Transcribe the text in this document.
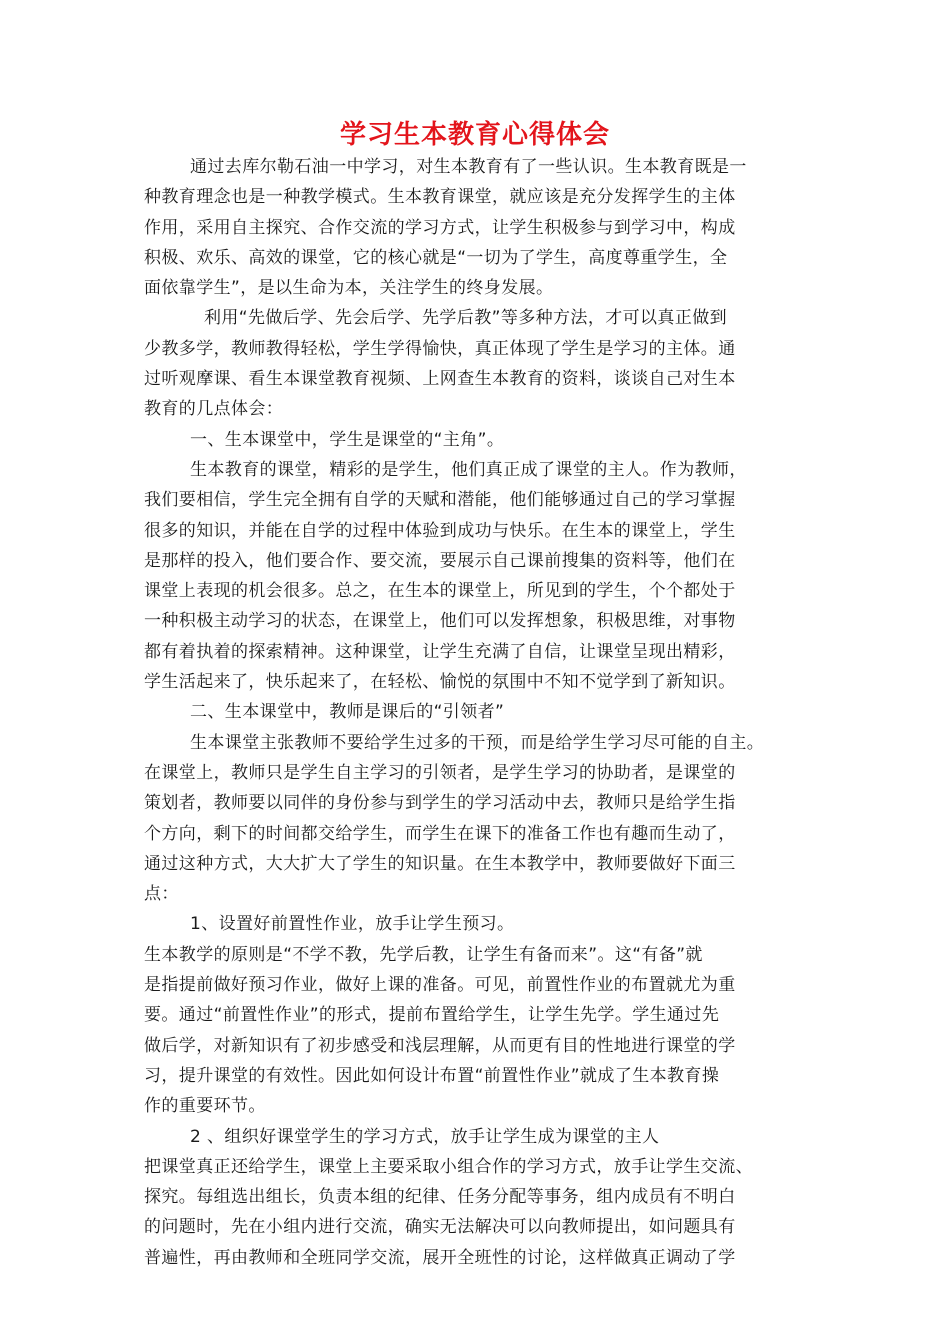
学习生本教育心得体会
通过去库尔勒石油一中学习，对生本教育有了一些认识。生本教育既是一
种教育理念也是一种教学模式。生本教育课堂，就应该是充分发挥学生的主体
作用，采用自主探究、合作交流的学习方式，让学生积极参与到学习中，构成
积极、欢乐、高效的课堂，它的核心就是“一切为了学生，高度尊重学生，全
面依靠学生”，是以生命为本，关注学生的终身发展。
利用“先做后学、先会后学、先学后教”等多种方法，才可以真正做到
少教多学，教师教得轻松，学生学得愉快，真正体现了学生是学习的主体。通
过听观摩课、看生本课堂教育视频、上网查生本教育的资料，谈谈自己对生本
教育的几点体会：
一、生本课堂中，学生是课堂的“主角”。
生本教育的课堂，精彩的是学生，他们真正成了课堂的主人。作为教师，
我们要相信，学生完全拥有自学的天赋和潜能，他们能够通过自己的学习掌握
很多的知识，并能在自学的过程中体验到成功与快乐。在生本的课堂上，学生
是那样的投入，他们要合作、要交流，要展示自己课前搜集的资料等，他们在
课堂上表现的机会很多。总之，在生本的课堂上，所见到的学生，个个都处于
一种积极主动学习的状态，在课堂上，他们可以发挥想象，积极思维，对事物
都有着执着的探索精神。这种课堂，让学生充满了自信，让课堂呈现出精彩，
学生活起来了，快乐起来了，在轻松、愉悦的氛围中不知不觉学到了新知识。
二、生本课堂中，教师是课后的“引领者”
生本课堂主张教师不要给学生过多的干预，而是给学生学习尽可能的自主。
在课堂上，教师只是学生自主学习的引领者，是学生学习的协助者，是课堂的
策划者，教师要以同伴的身份参与到学生的学习活动中去，教师只是给学生指
个方向，剩下的时间都交给学生，而学生在课下的准备工作也有趣而生动了，
通过这种方式，大大扩大了学生的知识量。在生本教学中，教师要做好下面三
点：
1、设置好前置性作业，放手让学生预习。
生本教学的原则是“不学不教，先学后教，让学生有备而来”。这“有备”就
是指提前做好预习作业，做好上课的准备。可见，前置性作业的布置就尤为重
要。通过“前置性作业”的形式，提前布置给学生，让学生先学。学生通过先
做后学，对新知识有了初步感受和浅层理解，从而更有目的性地进行课堂的学
习，提升课堂的有效性。因此如何设计布置“前置性作业”就成了生本教育操
作的重要环节。
2 、组织好课堂学生的学习方式，放手让学生成为课堂的主人
把课堂真正还给学生，课堂上主要采取小组合作的学习方式，放手让学生交流、
探究。每组选出组长，负责本组的纪律、任务分配等事务，组内成员有不明白
的问题时，先在小组内进行交流，确实无法解决可以向教师提出，如问题具有
普遍性，再由教师和全班同学交流，展开全班性的讨论，这样做真正调动了学
